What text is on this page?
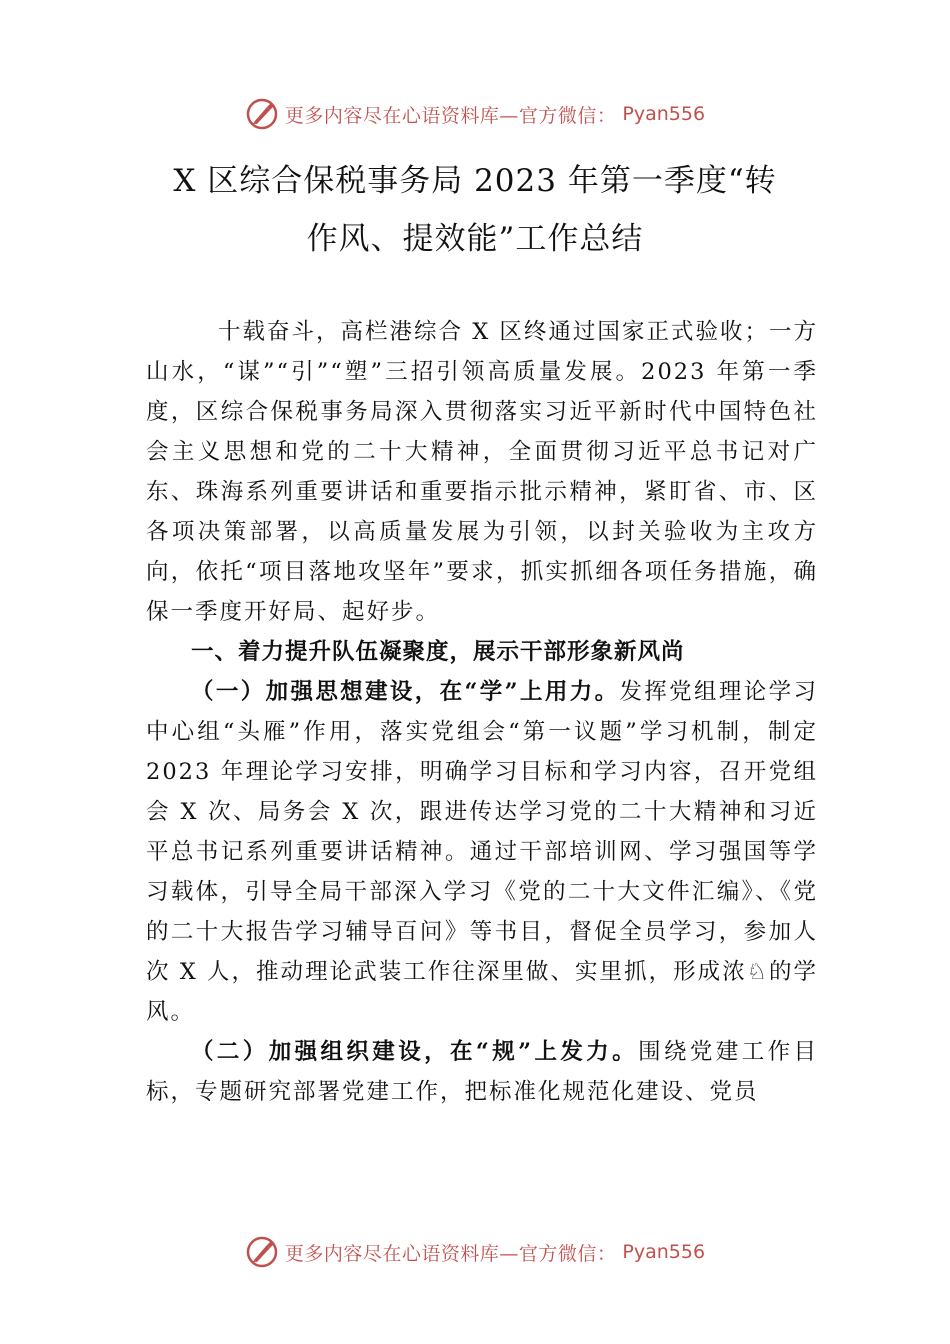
更多内容尽在心语资料库—官方微信： Pyan556
X 区综合保税事务局 2023 年第一季度“转
作风、提效能”工作总结

十载奋斗，高栏港综合 X 区终通过国家正式验收；一方山水，“谋”“引”“塑”三招引领高质量发展。2023 年第一季度，区综合保税事务局深入贯彻落实习近平新时代中国特色社会主义思想和党的二十大精神，全面贯彻习近平总书记对广东、珠海系列重要讲话和重要指示批示精神，紧盯省、市、区各项决策部署，以高质量发展为引领，以封关验收为主攻方向，依托“项目落地攻坚年”要求，抓实抓细各项任务措施，确保一季度开好局、起好步。

一、着力提升队伍凝聚度，展示干部形象新风尚

（一）加强思想建设，在“学”上用力。发挥党组理论学习中心组“头雁”作用，落实党组会“第一议题”学习机制，制定 2023 年理论学习安排，明确学习目标和学习内容，召开党组会 X 次、局务会 X 次，跟进传达学习党的二十大精神和习近平总书记系列重要讲话精神。通过干部培训网、学习强国等学习载体，引导全局干部深入学习《党的二十大文件汇编》、《党的二十大报告学习辅导百问》等书目，督促全员学习，参加人次 X 人，推动理论武装工作往深里做、实里抓，形成浓♘的学风。

（二）加强组织建设，在“规”上发力。围绕党建工作目标，专题研究部署党建工作，把标准化规范化建设、党员

更多内容尽在心语资料库—官方微信： Pyan556
